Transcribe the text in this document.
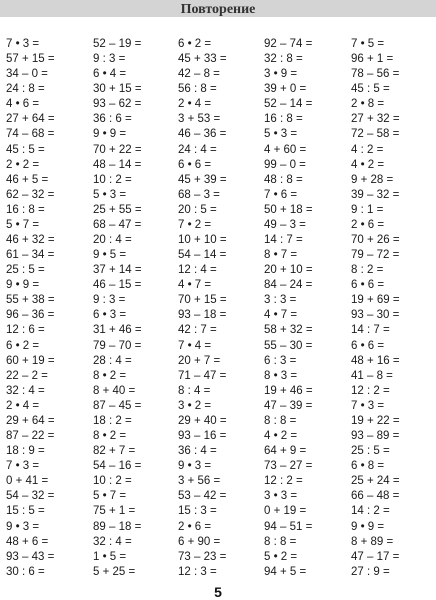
Повторение
7 • 3 =
57 + 15 =
34 – 0 =
24 : 8 =
4 • 6 =
27 + 64 =
74 – 68 =
45 : 5 =
2 • 2 =
46 + 5 =
62 – 32 =
16 : 8 =
5 • 7 =
46 + 32 =
61 – 34 =
25 : 5 =
9 • 9 =
55 + 38 =
96 – 36 =
12 : 6 =
6 • 2 =
60 + 19 =
22 – 2 =
32 : 4 =
2 • 4 =
29 + 64 =
87 – 22 =
18 : 9 =
7 • 3 =
0 + 41 =
54 – 32 =
15 : 5 =
9 • 3 =
48 + 6 =
93 – 43 =
30 : 6 =
52 – 19 =
9 : 3 =
6 • 4 =
30 + 15 =
93 – 62 =
36 : 6 =
9 • 9 =
70 + 22 =
48 – 14 =
10 : 2 =
5 • 3 =
25 + 55 =
68 – 47 =
20 : 4 =
9 • 5 =
37 + 14 =
46 – 15 =
9 : 3 =
6 • 3 =
31 + 46 =
79 – 70 =
28 : 4 =
8 • 2 =
8 + 40 =
87 – 45 =
18 : 2 =
8 • 2 =
82 + 7 =
54 – 16 =
10 : 2 =
5 • 7 =
75 + 1 =
89 – 18 =
32 : 4 =
1 • 5 =
5 + 25 =
6 • 2 =
45 + 33 =
42 – 8 =
56 : 8 =
2 • 4 =
3 + 53 =
46 – 36 =
24 : 4 =
6 • 6 =
45 + 39 =
68 – 3 =
20 : 5 =
7 • 2 =
10 + 10 =
54 – 14 =
12 : 4 =
4 • 7 =
70 + 15 =
93 – 18 =
42 : 7 =
7 • 4 =
20 + 7 =
71 – 47 =
8 : 4 =
3 • 2 =
29 + 40 =
93 – 16 =
36 : 4 =
9 • 3 =
3 + 56 =
53 – 42 =
15 : 3 =
2 • 6 =
6 + 90 =
73 – 23 =
12 : 3 =
92 – 74 =
32 : 8 =
3 • 9 =
39 + 0 =
52 – 14 =
16 : 8 =
5 • 3 =
4 + 60 =
99 – 0 =
48 : 8 =
7 • 6 =
50 + 18 =
49 – 3 =
14 : 7 =
8 • 7 =
20 + 10 =
84 – 24 =
3 : 3 =
4 • 7 =
58 + 32 =
55 – 30 =
6 : 3 =
8 • 3 =
19 + 46 =
47 – 39 =
8 : 8 =
4 • 2 =
64 + 9 =
73 – 27 =
12 : 2 =
3 • 3 =
0 + 19 =
94 – 51 =
8 : 8 =
5 • 2 =
94 + 5 =
7 • 5 =
96 + 1 =
78 – 56 =
45 : 5 =
2 • 8 =
27 + 32 =
72 – 58 =
4 : 2 =
4 • 2 =
9 + 28 =
39 – 32 =
9 : 1 =
2 • 6 =
70 + 26 =
79 – 72 =
8 : 2 =
6 • 6 =
19 + 69 =
93 – 30 =
14 : 7 =
6 • 6 =
48 + 16 =
41 – 8 =
12 : 2 =
7 • 3 =
19 + 22 =
93 – 89 =
25 : 5 =
6 • 8 =
25 + 24 =
66 – 48 =
14 : 2 =
9 • 9 =
8 + 89 =
47 – 17 =
27 : 9 =
5
